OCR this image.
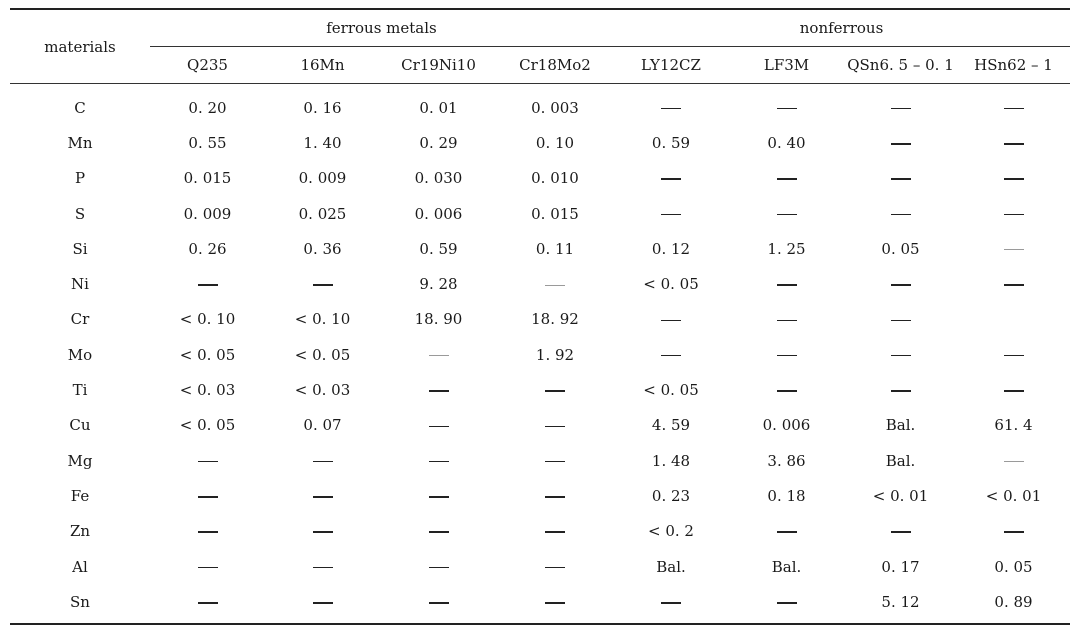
materials	ferrous metals				nonferrous			
	Q235	16Mn	Cr19Ni10	Cr18Mo2	LY12CZ	LF3M	QSn6. 5 – 0. 1	HSn62 – 1
C	0. 20	0. 16	0. 01	0. 003				
Mn	0. 55	1. 40	0. 29	0. 10	0. 59	0. 40		
P	0. 015	0. 009	0. 030	0. 010				
S	0. 009	0. 025	0. 006	0. 015				
Si	0. 26	0. 36	0. 59	0. 11	0. 12	1. 25	0. 05	
Ni			9. 28		< 0. 05			
Cr	< 0. 10	< 0. 10	18. 90	18. 92				
Mo	< 0. 05	< 0. 05		1. 92				
Ti	< 0. 03	< 0. 03			< 0. 05			
Cu	< 0. 05	0. 07			4. 59	0. 006	Bal.	61. 4
Mg					1. 48	3. 86	Bal.	
Fe					0. 23	0. 18	< 0. 01	< 0. 01
Zn					< 0. 2			
Al					Bal.	Bal.	0. 17	0. 05
Sn							5. 12	0. 89
